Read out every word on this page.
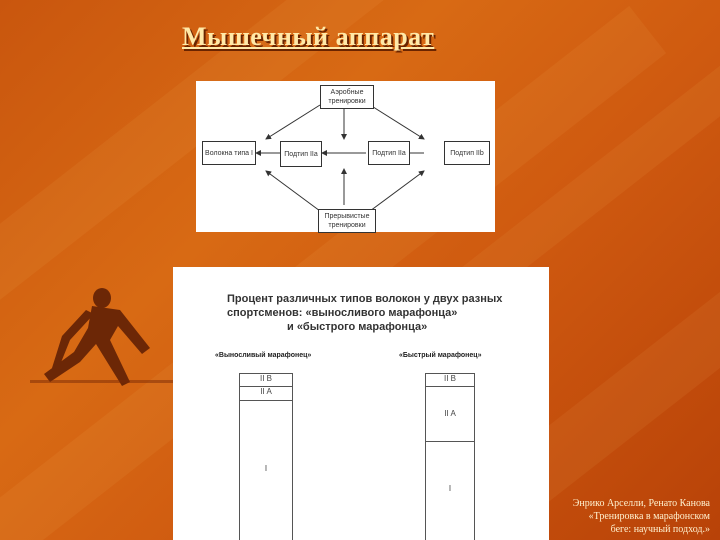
Мышечный аппарат
Аэробные тренировки
Волокна типа I	Подтип IIa	Подтип IIa	Подтип IIb
Прерывистые тренировки
Процент различных типов волокон у двух разных
спортсменов: «выносливого марафонца»
и «быстрого марафонца»
«Выносливый марафонец»	«Быстрый марафонец»
II B
II A
I
II B
II A
I
Энрико Арселли, Ренато Канова
«Тренировка в марафонском
беге: научный подход.»
